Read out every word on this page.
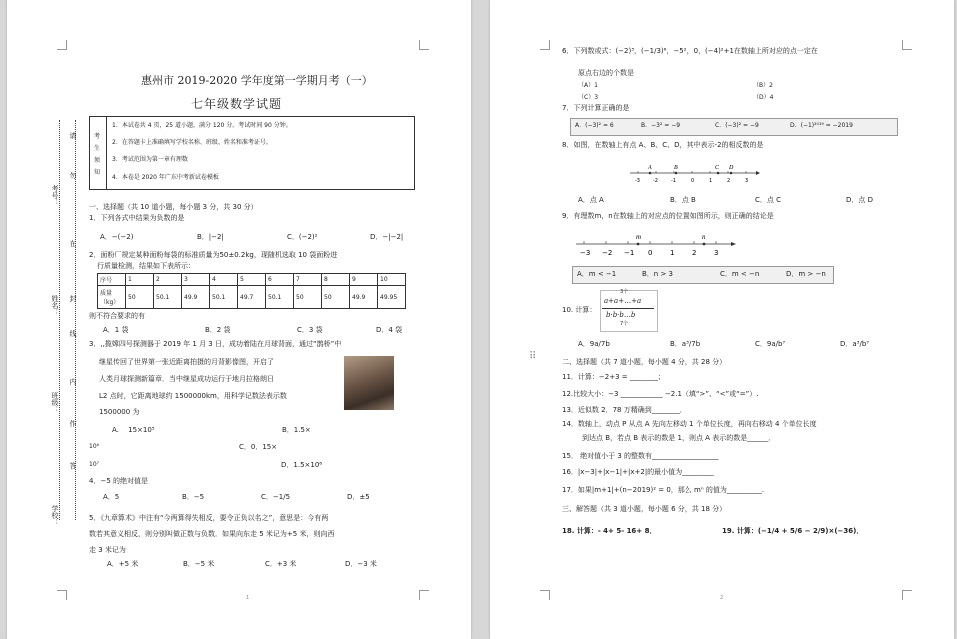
考号：
姓名：
班级：
学校：
请
勿
在
封
线
内
作
答
惠州市 2019-2020 学年度第一学期月考（一）
七年级数学试题
考
生
须
知
1．本试卷共 4 页，25 道小题，满分 120 分。考试时间 90 分钟。
2．在答题卡上准确填写学校名称、班级、姓名和准考证号。
3．考试范围为第一章有理数
4．本卷是 2020 年广东中考新试卷模板
一、选择题（共 10 道小题，每小题 3 分，共 30 分）
1．下列各式中结果为负数的是
A．−(−2)	B．|−2|	C．(−2)²	D．−|−2|
2．面粉厂规定某种面粉每袋的标准质量为50±0.2kg，现随机选取 10 袋面粉进
行质量检测，结果如下表所示：
序号	1	2	3	4	5	6	7	8	9	10
质量（kg）	50	50.1	49.9	50.1	49.7	50.1	50	50	49.9	49.95
则不符合要求的有
A．1 袋	B．2 袋	C．3 袋	D．4 袋
3．,,揽嫦四号探测器于 2019 年 1 月 3 日，成功着陆在月球背面，通过“鹊桥”中
继星传回了世界第一张近距离拍摄的月背影像图，开启了
人类月球探测新篇章．当中继星成功运行于地月拉格朗日
L2 点时，它距离地球约 1500000km，用科学记数法表示数
1500000 为
A.　 15×10⁵	B．1.5×
10⁶	C．0．15×
10⁷	D．1.5×10⁶
4．−5 的绝对值是
A．5	B．−5	C．−1/5	D．±5
5．《九章算术》中注有“今两算得失相反，要令正负以名之”，意思是：今有两
数若其意义相反，则分别叫做正数与负数．如果向东走 5 米记为+5 米，则向西
走 3 米记为
A．+5 米	B．−5 米	C．+3 米	D．−3 米
1
⠿
6．下列数或式：(−2)³，(−1/3)⁶，−5²，0，(−4)²+1在数轴上所对应的点一定在
原点右边的个数是
（A）1	（B）2
（C）3	（D）4
7．下列计算正确的是
A．(−3)² = 6	B．−3² = −9	C．(−3)² = −9	D．(−1)²⁰¹⁹ = −2019
8．如图，在数轴上有点 A、B、C、D，其中表示-2的相反数的是
A	B	C D
-3	-2	-1	0	1	2	3
A．点 A	B．点 B	C．点 C	D．点 D
9．有理数m，n在数轴上的对应点的位置如图所示，则正确的结论是
m	n
−3 −2 −1 0	1	2	3
A．m < −1	B．n > 3	C．m < −n	D．m > −n
10. 计算：
3个
a+a+…+a
b·b·b…b
7个
A．9a/7b	B．a³/7b	C．9a/b⁷	D．a³/b⁷
二、选择题（共 7 道小题，每小题 4 分，共 28 分）
11．计算：−2+3 = ________；
12.比较大小：−3 ____________ −2.1（填“>”、“<”或“=”）.
13．近似数 2．78 万精确到________．
14．数轴上，动点 P 从点 A 先向左移动 1 个单位长度，再向右移动 4 个单位长度
到达点 B，若点 B 表示的数是 1，则点 A 表示的数是______．
15． 绝对值小于 3 的整数有___________________
16．|x−3|+|x−1|+|x+2|的最小值为_________
17．如果|m+1|+(n−2019)² = 0，那么 mⁿ 的值为__________.
三、解答题（共 3 道小题，每小题 6 分，共 18 分）
18. 计算：- 4+ 5- 16+ 8．	19. 计算：(−1/4 + 5/6 − 2/9)×(−36)．
2
